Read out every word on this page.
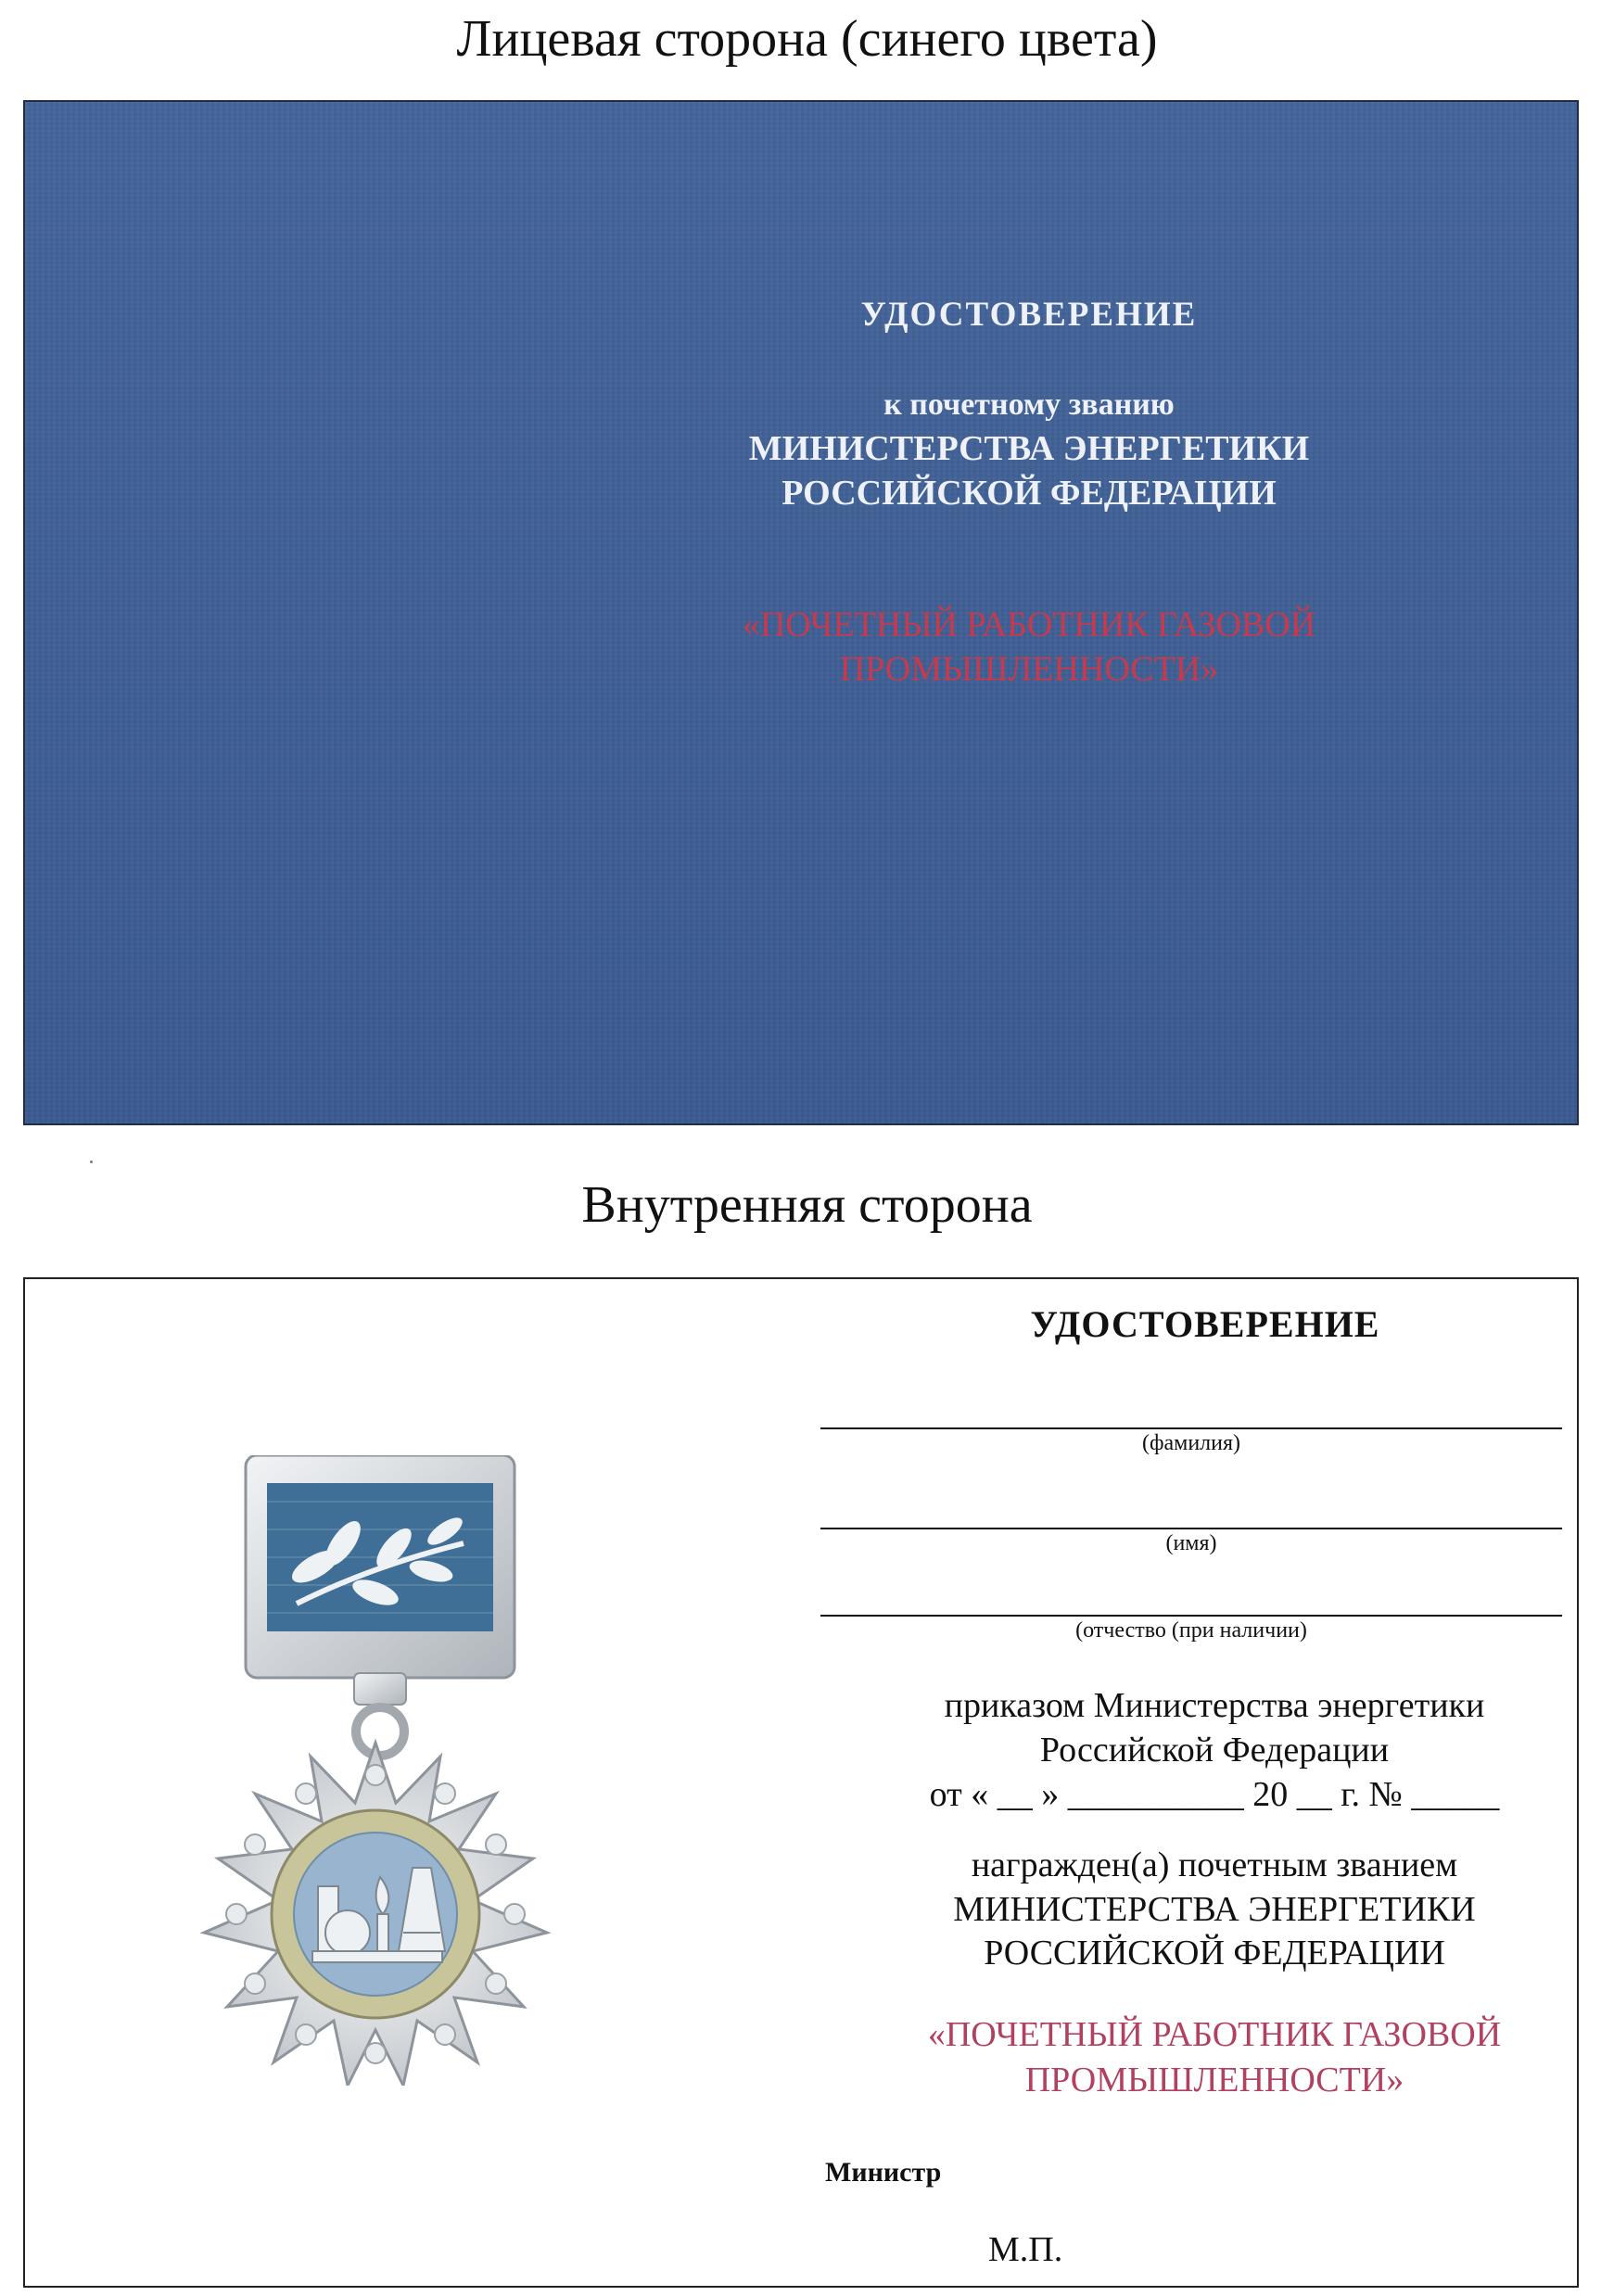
Лицевая сторона (синего цвета)
УДОСТОВЕРЕНИЕ
к почетному званию
МИНИСТЕРСТВА ЭНЕРГЕТИКИ
РОССИЙСКОЙ ФЕДЕРАЦИИ
«ПОЧЕТНЫЙ РАБОТНИК ГАЗОВОЙ
ПРОМЫШЛЕННОСТИ»
Внутренняя сторона
УДОСТОВЕРЕНИЕ
(фамилия)
(имя)
(отчество (при наличии)
приказом Министерства энергетики
Российской Федерации
от « __ » __________ 20 __ г. № _____
награжден(а) почетным званием
МИНИСТЕРСТВА ЭНЕРГЕТИКИ
РОССИЙСКОЙ ФЕДЕРАЦИИ
«ПОЧЕТНЫЙ РАБОТНИК ГАЗОВОЙ
ПРОМЫШЛЕННОСТИ»
Министр
М.П.
